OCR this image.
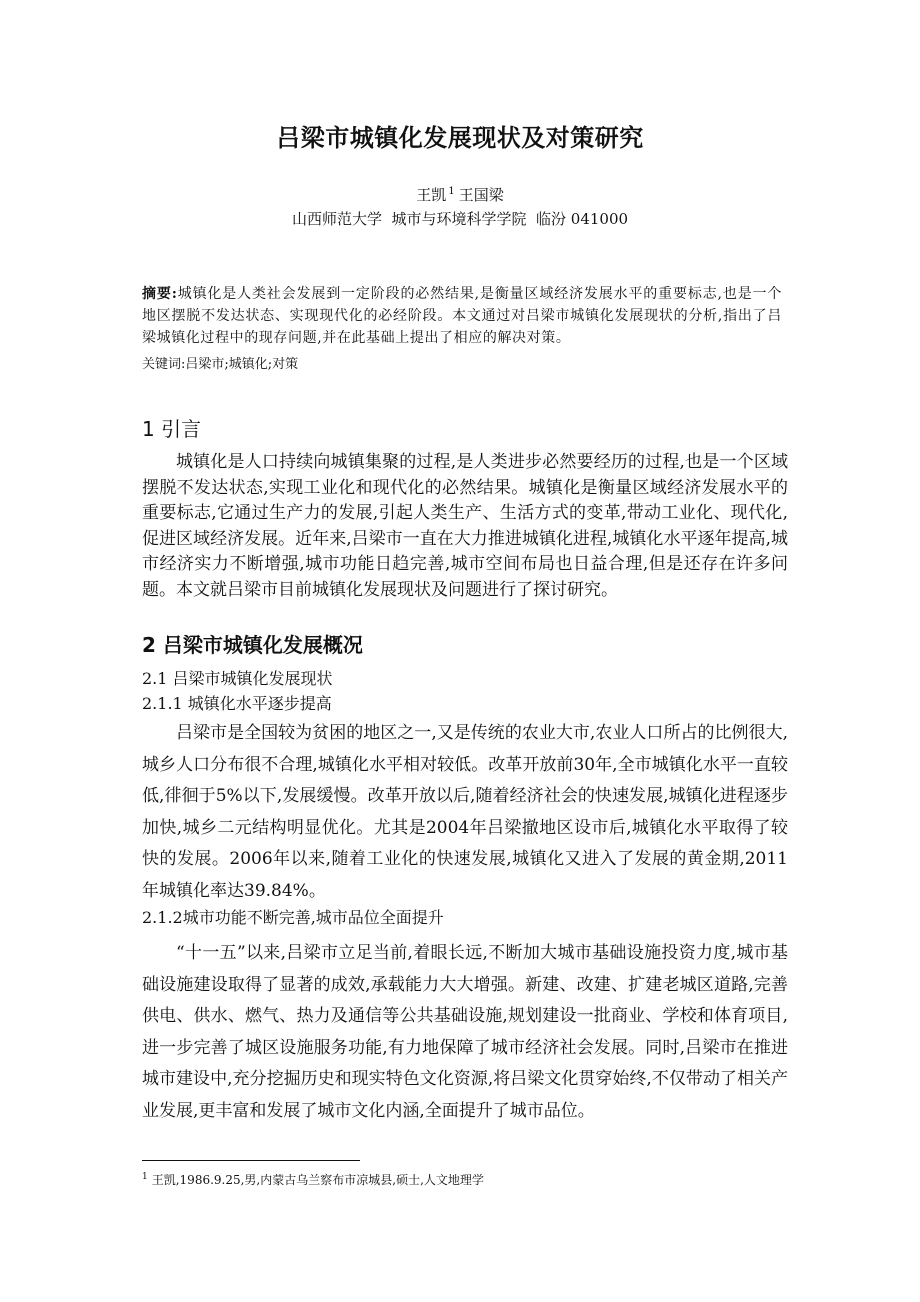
吕梁市城镇化发展现状及对策研究
王凯 $^1$ 王国梁
山西师范大学  城市与环境科学学院  临汾 041000
摘要:城镇化是人类社会发展到一定阶段的必然结果,是衡量区域经济发展水平的重要标志,也是一个地区摆脱不发达状态、实现现代化的必经阶段。本文通过对吕梁市城镇化发展现状的分析,指出了吕梁城镇化过程中的现存问题,并在此基础上提出了相应的解决对策。
关键词:吕梁市;城镇化;对策
1 引言

城镇化是人口持续向城镇集聚的过程,是人类进步必然要经历的过程,也是一个区域摆脱不发达状态,实现工业化和现代化的必然结果。城镇化是衡量区域经济发展水平的重要标志,它通过生产力的发展,引起人类生产、生活方式的变革,带动工业化、现代化,促进区域经济发展。近年来,吕梁市一直在大力推进城镇化进程,城镇化水平逐年提高,城市经济实力不断增强,城市功能日趋完善,城市空间布局也日益合理,但是还存在许多问题。本文就吕梁市目前城镇化发展现状及问题进行了探讨研究。

2 吕梁市城镇化发展概况
2.1 吕梁市城镇化发展现状
2.1.1 城镇化水平逐步提高

吕梁市是全国较为贫困的地区之一,又是传统的农业大市,农业人口所占的比例很大,城乡人口分布很不合理,城镇化水平相对较低。改革开放前30年,全市城镇化水平一直较低,徘徊于5%以下,发展缓慢。改革开放以后,随着经济社会的快速发展,城镇化进程逐步加快,城乡二元结构明显优化。尤其是2004年吕梁撤地区设市后,城镇化水平取得了较快的发展。2006年以来,随着工业化的快速发展,城镇化又进入了发展的黄金期,2011年城镇化率达39.84%。

2.1.2城市功能不断完善,城市品位全面提升

“十一五”以来,吕梁市立足当前,着眼长远,不断加大城市基础设施投资力度,城市基础设施建设取得了显著的成效,承载能力大大增强。新建、改建、扩建老城区道路,完善供电、供水、燃气、热力及通信等公共基础设施,规划建设一批商业、学校和体育项目,进一步完善了城区设施服务功能,有力地保障了城市经济社会发展。同时,吕梁市在推进城市建设中,充分挖掘历史和现实特色文化资源,将吕梁文化贯穿始终,不仅带动了相关产业发展,更丰富和发展了城市文化内涵,全面提升了城市品位。

$^1$ 王凯,1986.9.25,男,内蒙古乌兰察布市凉城县,硕士,人文地理学
